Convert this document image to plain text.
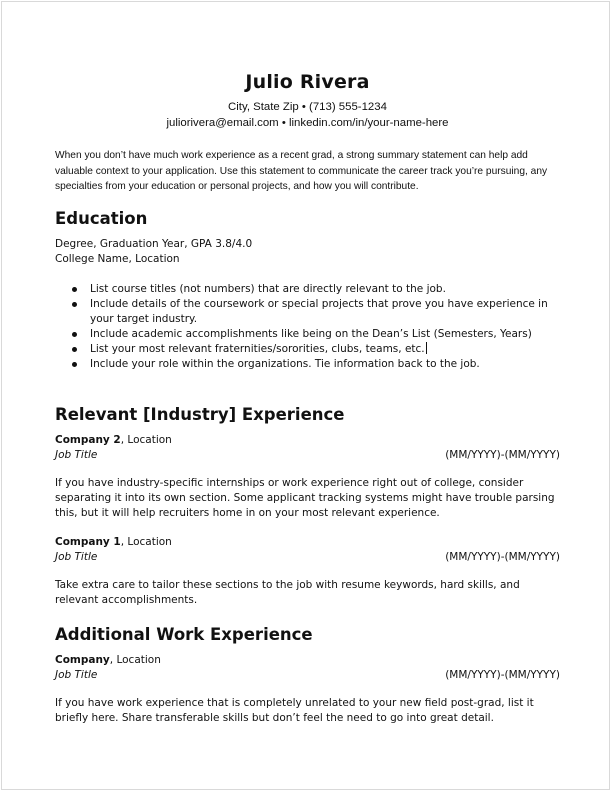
Julio Rivera
City, State Zip • (713) 555-1234
juliorivera@email.com • linkedin.com/in/your-name-here
When you don’t have much work experience as a recent grad, a strong summary statement can help add valuable context to your application. Use this statement to communicate the career track you’re pursuing, any specialties from your education or personal projects, and how you will contribute.
Education
Degree, Graduation Year, GPA 3.8/4.0
College Name, Location
List course titles (not numbers) that are directly relevant to the job.
Include details of the coursework or special projects that prove you have experience in your target industry.
Include academic accomplishments like being on the Dean’s List (Semesters, Years)
List your most relevant fraternities/sororities, clubs, teams, etc.
Include your role within the organizations. Tie information back to the job.
Relevant [Industry] Experience
Company 2, Location
Job Title	(MM/YYYY)-(MM/YYYY)
If you have industry-specific internships or work experience right out of college, consider separating it into its own section. Some applicant tracking systems might have trouble parsing this, but it will help recruiters home in on your most relevant experience.
Company 1, Location
Job Title	(MM/YYYY)-(MM/YYYY)
Take extra care to tailor these sections to the job with resume keywords, hard skills, and relevant accomplishments.
Additional Work Experience
Company, Location
Job Title	(MM/YYYY)-(MM/YYYY)
If you have work experience that is completely unrelated to your new field post-grad, list it briefly here. Share transferable skills but don’t feel the need to go into great detail.
